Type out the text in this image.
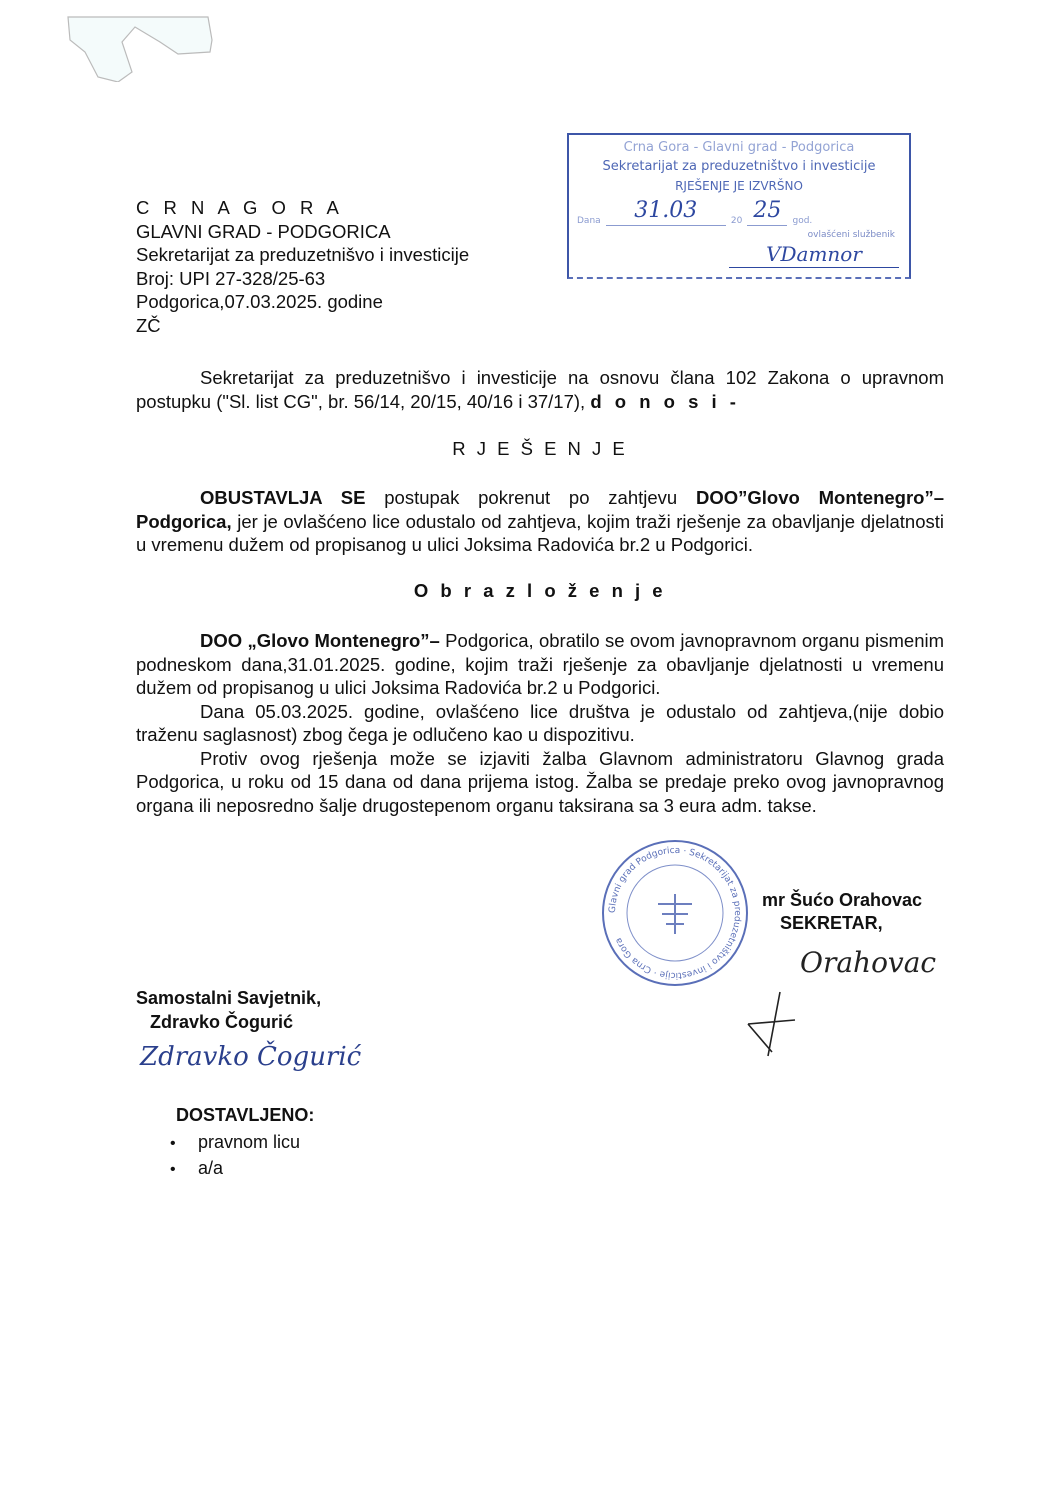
Crna Gora - Glavni grad - Podgorica
Sekretarijat za preduzetništvo i investicije
RJEŠENJE JE IZVRŠNO
Dana 31.03	20 25 god.
ovlašćeni službenik
VDamnor
C R N A G O R A
GLAVNI GRAD - PODGORICA
Sekretarijat za preduzetnišvo i investicije
Broj: UPI 27-328/25-63
Podgorica,07.03.2025. godine
ZČ
Sekretarijat za preduzetnišvo i investicije na osnovu člana 102 Zakona o upravnom postupku ("Sl. list CG", br. 56/14, 20/15, 40/16 i 37/17), d o n o s i -
R J E Š E N J E
OBUSTAVLJA SE postupak pokrenut po zahtjevu DOO”Glovo Montenegro”– Podgorica, jer je ovlašćeno lice odustalo od zahtjeva, kojim traži rješenje za obavljanje djelatnosti u vremenu dužem od propisanog u ulici Joksima Radovića br.2 u Podgorici.
O b r a z l o ž e n j e
DOO „Glovo Montenegro”– Podgorica, obratilo se ovom javnopravnom organu pismenim podneskom dana,31.01.2025. godine, kojim traži rješenje za obavljanje djelatnosti u vremenu dužem od propisanog u ulici Joksima Radovića br.2 u Podgorici.
Dana 05.03.2025. godine, ovlašćeno lice društva je odustalo od zahtjeva,(nije dobio traženu saglasnost) zbog čega je odlučeno kao u dispozitivu.
Protiv ovog rješenja može se izjaviti žalba Glavnom administratoru Glavnog grada Podgorica, u roku od 15 dana od dana prijema istog. Žalba se predaje preko ovog javnopravnog organa ili neposredno šalje drugostepenom organu taksirana sa 3 eura adm. takse.
Glavni grad Podgorica · Sekretarijat za preduzetništvo i investicije · Crna Gora
mr Šućo Orahovac
SEKRETAR,
Orahovac
Samostalni Savjetnik,
Zdravko Čogurić
Zdravko Čogurić
DOSTAVLJENO:
• pravnom licu
• a/a
